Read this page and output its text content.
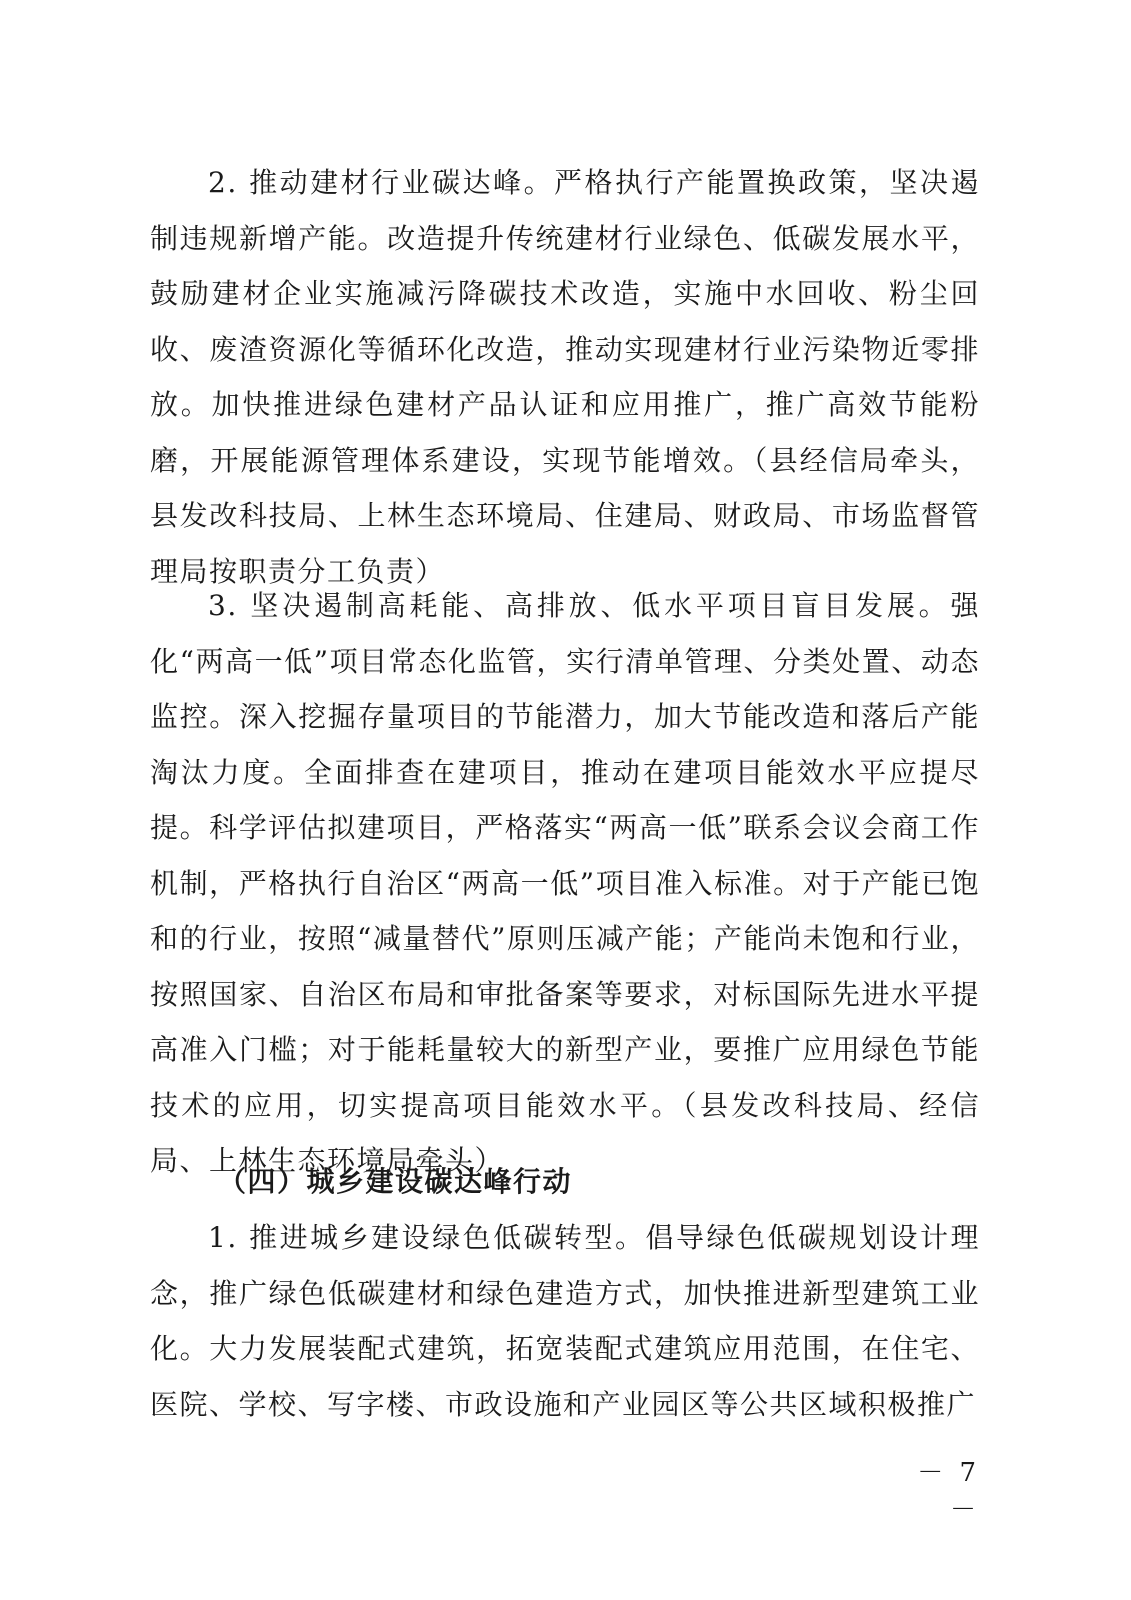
2. 推动建材行业碳达峰。严格执行产能置换政策，坚决遏制违规新增产能。改造提升传统建材行业绿色、低碳发展水平，鼓励建材企业实施减污降碳技术改造，实施中水回收、粉尘回收、废渣资源化等循环化改造，推动实现建材行业污染物近零排放。加快推进绿色建材产品认证和应用推广，推广高效节能粉磨，开展能源管理体系建设，实现节能增效。（县经信局牵头，县发改科技局、上林生态环境局、住建局、财政局、市场监督管理局按职责分工负责）

3. 坚决遏制高耗能、高排放、低水平项目盲目发展。强化“两高一低”项目常态化监管，实行清单管理、分类处置、动态监控。深入挖掘存量项目的节能潜力，加大节能改造和落后产能淘汰力度。全面排查在建项目，推动在建项目能效水平应提尽提。科学评估拟建项目，严格落实“两高一低”联系会议会商工作机制，严格执行自治区“两高一低”项目准入标准。对于产能已饱和的行业，按照“减量替代”原则压减产能；产能尚未饱和行业，按照国家、自治区布局和审批备案等要求，对标国际先进水平提高准入门槛；对于能耗量较大的新型产业，要推广应用绿色节能技术的应用，切实提高项目能效水平。（县发改科技局、经信局、上林生态环境局牵头）

（四）城乡建设碳达峰行动

1. 推进城乡建设绿色低碳转型。倡导绿色低碳规划设计理念，推广绿色低碳建材和绿色建造方式，加快推进新型建筑工业化。大力发展装配式建筑，拓宽装配式建筑应用范围，在住宅、医院、学校、写字楼、市政设施和产业园区等公共区域积极推广

－ 7 －
